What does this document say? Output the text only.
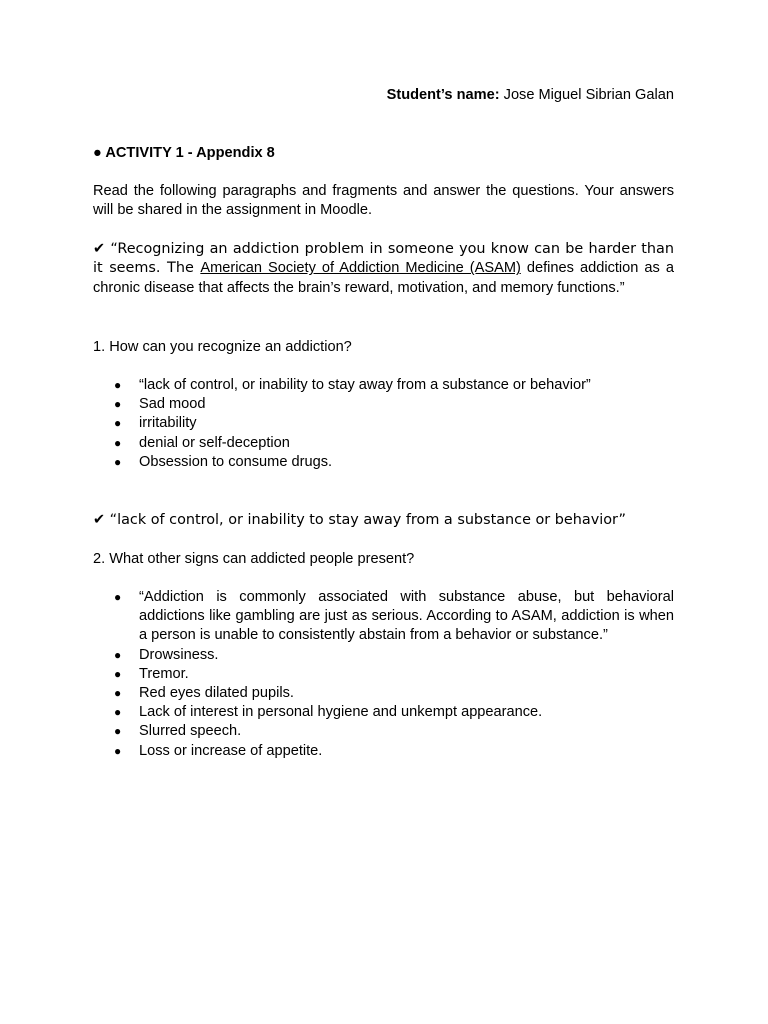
Student’s name: Jose Miguel Sibrian Galan
● ACTIVITY 1 - Appendix 8

Read the following paragraphs and fragments and answer the questions. Your answers will be shared in the assignment in Moodle.

✔ “Recognizing an addiction problem in someone you know can be harder than it seems. The American Society of Addiction Medicine (ASAM) defines addiction as a chronic disease that affects the brain’s reward, motivation, and memory functions.”

1. How can you recognize an addiction?
● “lack of control, or inability to stay away from a substance or behavior”
● Sad mood
● irritability
● denial or self-deception
● Obsession to consume drugs.
✔ “lack of control, or inability to stay away from a substance or behavior”
2. What other signs can addicted people present?
● “Addiction is commonly associated with substance abuse, but behavioral addictions like gambling are just as serious. According to ASAM, addiction is when a person is unable to consistently abstain from a behavior or substance.”
● Drowsiness.
● Tremor.
● Red eyes dilated pupils.
● Lack of interest in personal hygiene and unkempt appearance.
● Slurred speech.
● Loss or increase of appetite.
